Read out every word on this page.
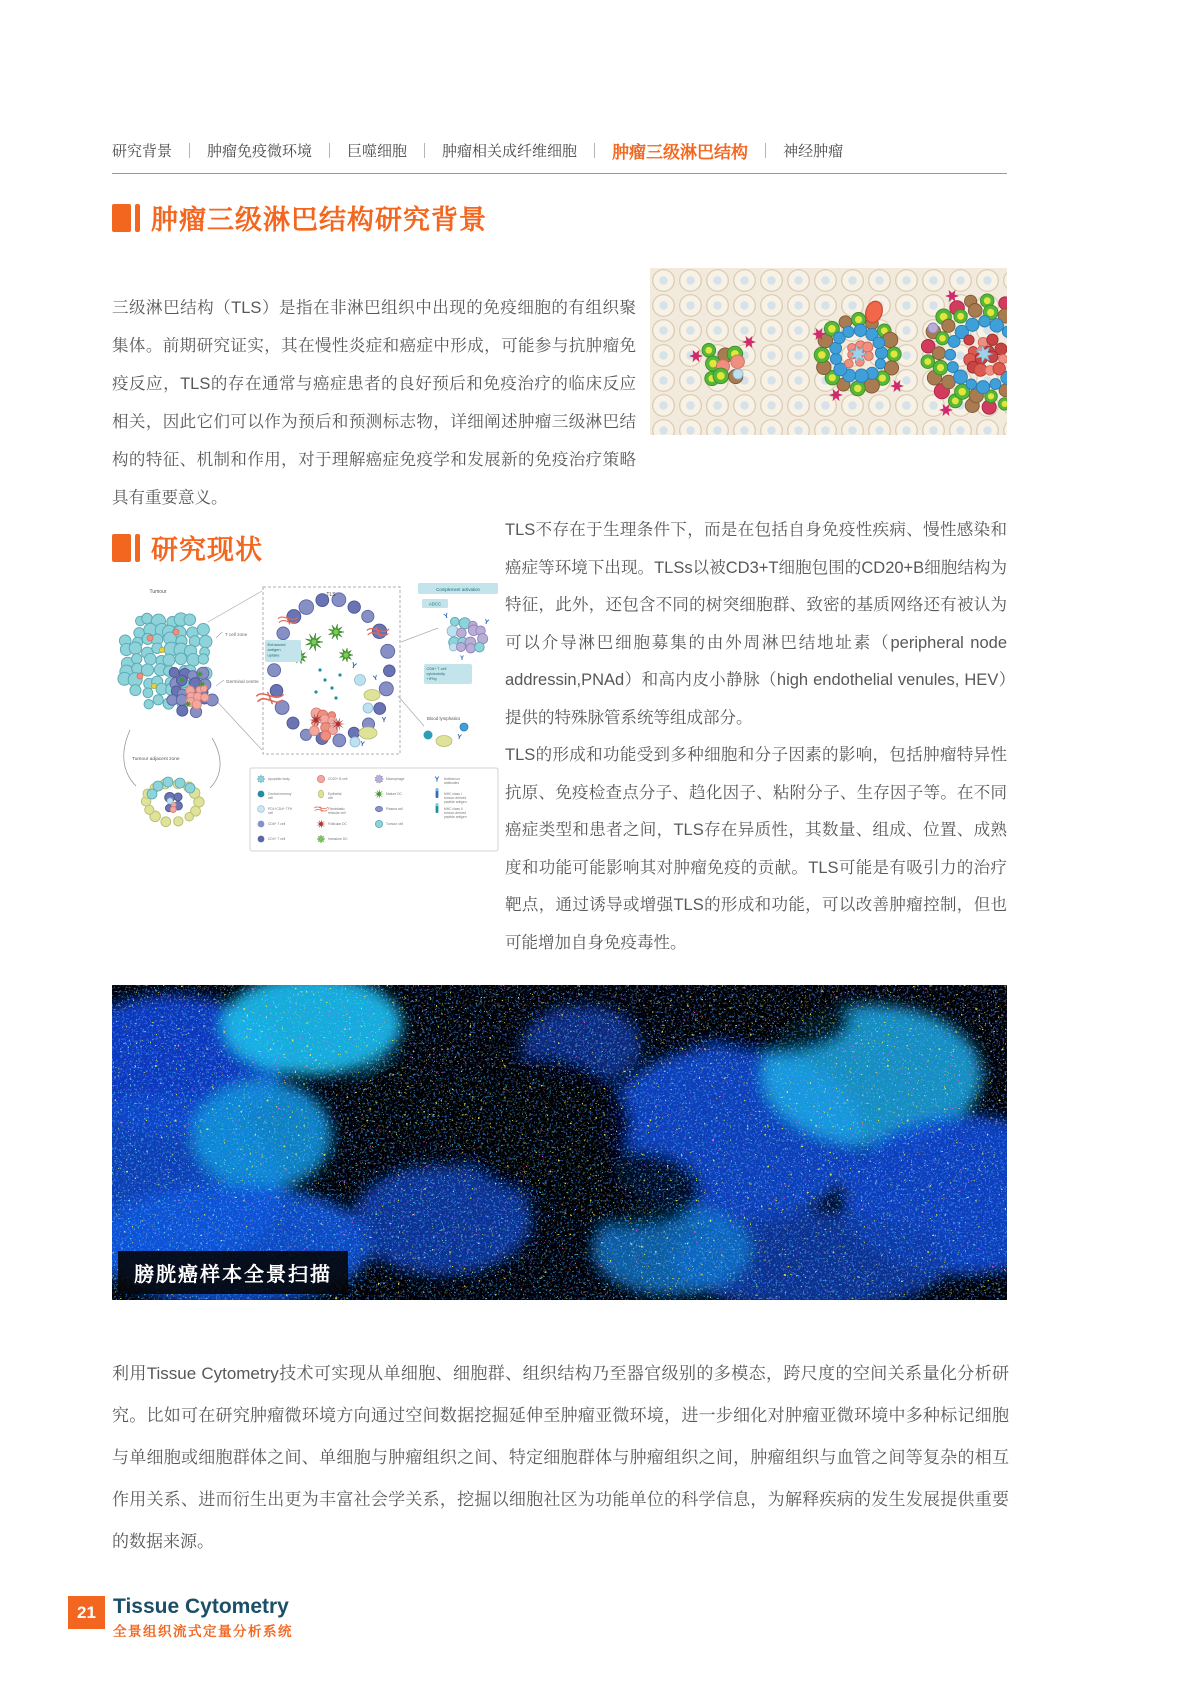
研究背景 肿瘤免疫微环境 巨噬细胞 肿瘤相关成纤维细胞 肿瘤三级淋巴结构 神经肿瘤
肿瘤三级淋巴结构研究背景

三级淋巴结构（TLS）是指在非淋巴组织中出现的免疫细胞的有组织聚集体。前期研究证实，其在慢性炎症和癌症中形成，可能参与抗肿瘤免疫反应，TLS的存在通常与癌症患者的良好预后和免疫治疗的临床反应相关，因此它们可以作为预后和预测标志物，详细阐述肿瘤三级淋巴结构的特征、机制和作用，对于理解癌症免疫学和发展新的免疫治疗策略具有重要意义。

研究现状
Y
Y
Y
Y
Y
Y
Y
Y
Enhanced
antigen
uptake
CD8+ T cell
cytotoxicity
+IFNγ
Apoptotic body
Central memory
cell
PD1+CD4+ TFH
cell
CD8+ T cell
CD4+ T cell
CD20+ B cell
Epithelial
cell
Fibroblastic
reticular cell
Follicular DC
Immature DC
Macrophage
Mature DC
Plasma cell
Tumour cell
Y Antitumour
antibodies
MHC class I
tumour-derived
peptide antigen
MHC class II
tumour-derived
peptide antigen
Tumour
T cell zone
Germinal centre
Tumour adjacent zone
TLS
Complement activation
ADCC
Blood lymphatics

TLS不存在于生理条件下，而是在包括自身免疫性疾病、慢性感染和癌症等环境下出现。TLSs以被CD3+T细胞包围的CD20+B细胞结构为特征，此外，还包含不同的树突细胞群、致密的基质网络还有被认为可以介导淋巴细胞募集的由外周淋巴结地址素（peripheral node addressin,PNAd）和高内皮小静脉（high endothelial venules, HEV）提供的特殊脉管系统等组成部分。

TLS的形成和功能受到多种细胞和分子因素的影响，包括肿瘤特异性抗原、免疫检查点分子、趋化因子、粘附分子、生存因子等。在不同癌症类型和患者之间，TLS存在异质性，其数量、组成、位置、成熟度和功能可能影响其对肿瘤免疫的贡献。TLS可能是有吸引力的治疗靶点，通过诱导或增强TLS的形成和功能，可以改善肿瘤控制，但也可能增加自身免疫毒性。

膀胱癌样本全景扫描

利用Tissue Cytometry技术可实现从单细胞、细胞群、组织结构乃至器官级别的多模态，跨尺度的空间关系量化分析研究。比如可在研究肿瘤微环境方向通过空间数据挖掘延伸至肿瘤亚微环境，进一步细化对肿瘤亚微环境中多种标记细胞与单细胞或细胞群体之间、单细胞与肿瘤组织之间、特定细胞群体与肿瘤组织之间，肿瘤组织与血管之间等复杂的相互作用关系、进而衍生出更为丰富社会学关系，挖掘以细胞社区为功能单位的科学信息，为解释疾病的发生发展提供重要的数据来源。

21 Tissue Cytometry
全景组织流式定量分析系统
